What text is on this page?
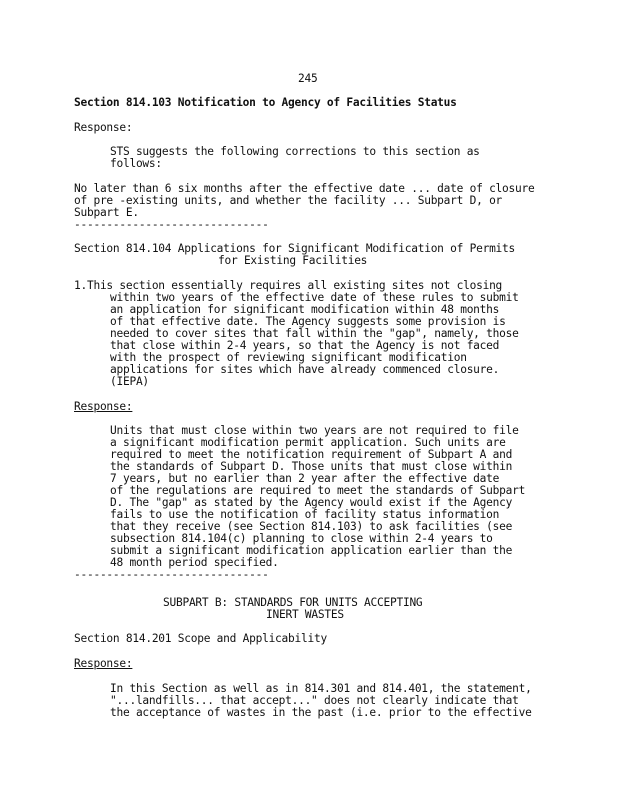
245
Section 814.103 Notification to Agency of Facilities Status
Response:
STS suggests the following corrections to this section as
follows:
No later than 6 six months after the effective date ... date of closure
of pre -existing units, and whether the facility ... Subpart D, or
Subpart E.
------------------------------
Section 814.104 Applications for Significant Modification of Permits
for Existing Facilities
1.This section essentially requires all existing sites not closing
within two years of the effective date of these rules to submit
an application for significant modification within 48 months
of that effective date. The Agency suggests some provision is
needed to cover sites that fall within the "gap", namely, those
that close within 2-4 years, so that the Agency is not faced
with the prospect of reviewing significant modification
applications for sites which have already commenced closure.
(IEPA)
Response:
Units that must close within two years are not required to file
a significant modification permit application. Such units are
required to meet the notification requirement of Subpart A and
the standards of Subpart D. Those units that must close within
7 years, but no earlier than 2 year after the effective date
of the regulations are required to meet the standards of Subpart
D. The "gap" as stated by the Agency would exist if the Agency
fails to use the notification of facility status information
that they receive (see Section 814.103) to ask facilities (see
subsection 814.104(c) planning to close within 2-4 years to
submit a significant modification application earlier than the
48 month period specified.
------------------------------
SUBPART B: STANDARDS FOR UNITS ACCEPTING
INERT WASTES
Section 814.201 Scope and Applicability
Response:
In this Section as well as in 814.301 and 814.401, the statement,
"...landfills... that accept..." does not clearly indicate that
the acceptance of wastes in the past (i.e. prior to the effective
